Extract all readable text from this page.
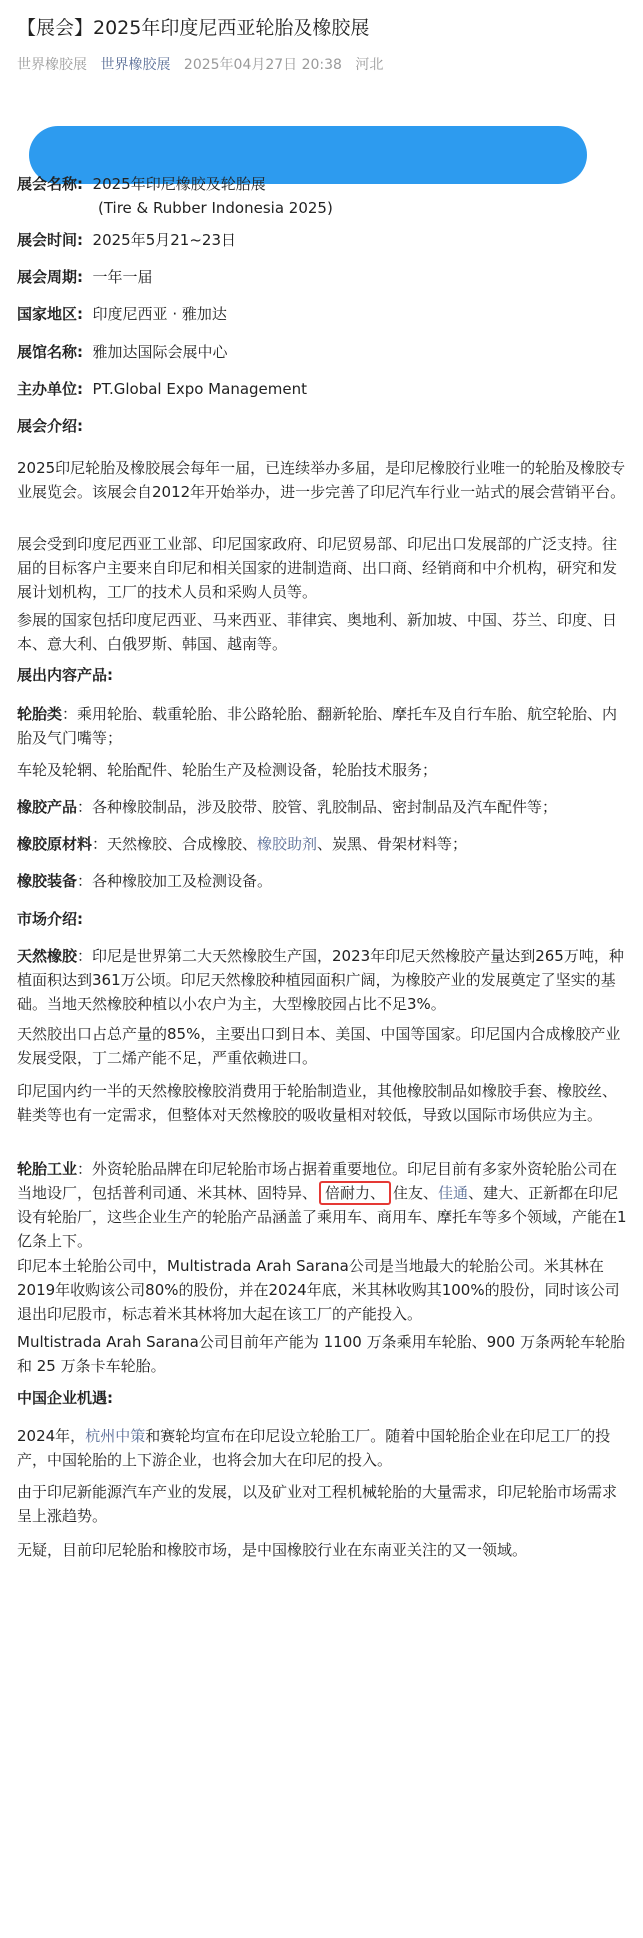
【展会】2025年印度尼西亚轮胎及橡胶展
世界橡胶展 世界橡胶展 2025年04月27日 20:38 河北

展会名称: 2025年印尼橡胶及轮胎展
(Tire & Rubber Indonesia 2025)

展会时间: 2025年5月21~23日

展会周期: 一年一届

国家地区: 印度尼西亚 · 雅加达

展馆名称: 雅加达国际会展中心

主办单位: PT.Global Expo Management

展会介绍:

2025印尼轮胎及橡胶展会每年一届，已连续举办多届，是印尼橡胶行业唯一的轮胎及橡胶专业展览会。该展会自2012年开始举办，进一步完善了印尼汽车行业一站式的展会营销平台。

展会受到印度尼西亚工业部、印尼国家政府、印尼贸易部、印尼出口发展部的广泛支持。往届的目标客户主要来自印尼和相关国家的进制造商、出口商、经销商和中介机构，研究和发展计划机构，工厂的技术人员和采购人员等。

参展的国家包括印度尼西亚、马来西亚、菲律宾、奥地利、新加坡、中国、芬兰、印度、日本、意大利、白俄罗斯、韩国、越南等。

展出内容产品:

轮胎类：乘用轮胎、载重轮胎、非公路轮胎、翻新轮胎、摩托车及自行车胎、航空轮胎、内胎及气门嘴等；

车轮及轮辋、轮胎配件、轮胎生产及检测设备，轮胎技术服务；

橡胶产品：各种橡胶制品，涉及胶带、胶管、乳胶制品、密封制品及汽车配件等；

橡胶原材料：天然橡胶、合成橡胶、橡胶助剂、炭黑、骨架材料等；

橡胶装备：各种橡胶加工及检测设备。

市场介绍:

天然橡胶：印尼是世界第二大天然橡胶生产国，2023年印尼天然橡胶产量达到265万吨，种植面积达到361万公顷。印尼天然橡胶种植园面积广阔，为橡胶产业的发展奠定了坚实的基础。当地天然橡胶种植以小农户为主，大型橡胶园占比不足3%。

天然胶出口占总产量的85%，主要出口到日本、美国、中国等国家。印尼国内合成橡胶产业发展受限，丁二烯产能不足，严重依赖进口。

印尼国内约一半的天然橡胶橡胶消费用于轮胎制造业，其他橡胶制品如橡胶手套、橡胶丝、鞋类等也有一定需求，但整体对天然橡胶的吸收量相对较低，导致以国际市场供应为主。

轮胎工业：外资轮胎品牌在印尼轮胎市场占据着重要地位。印尼目前有多家外资轮胎公司在当地设厂，包括普利司通、米其林、固特异、 倍耐力、 住友、佳通、建大、正新都在印尼设有轮胎厂，这些企业生产的轮胎产品涵盖了乘用车、商用车、摩托车等多个领域，产能在1亿条上下。

印尼本土轮胎公司中，Multistrada Arah Sarana公司是当地最大的轮胎公司。米其林在2019年收购该公司80%的股份，并在2024年底，米其林收购其100%的股份，同时该公司退出印尼股市，标志着米其林将加大起在该工厂的产能投入。

Multistrada Arah Sarana公司目前年产能为 1100 万条乘用车轮胎、900 万条两轮车轮胎和 25 万条卡车轮胎。

中国企业机遇:

2024年，杭州中策和赛轮均宣布在印尼设立轮胎工厂。随着中国轮胎企业在印尼工厂的投产，中国轮胎的上下游企业，也将会加大在印尼的投入。

由于印尼新能源汽车产业的发展，以及矿业对工程机械轮胎的大量需求，印尼轮胎市场需求呈上涨趋势。

无疑，目前印尼轮胎和橡胶市场，是中国橡胶行业在东南亚关注的又一领域。
